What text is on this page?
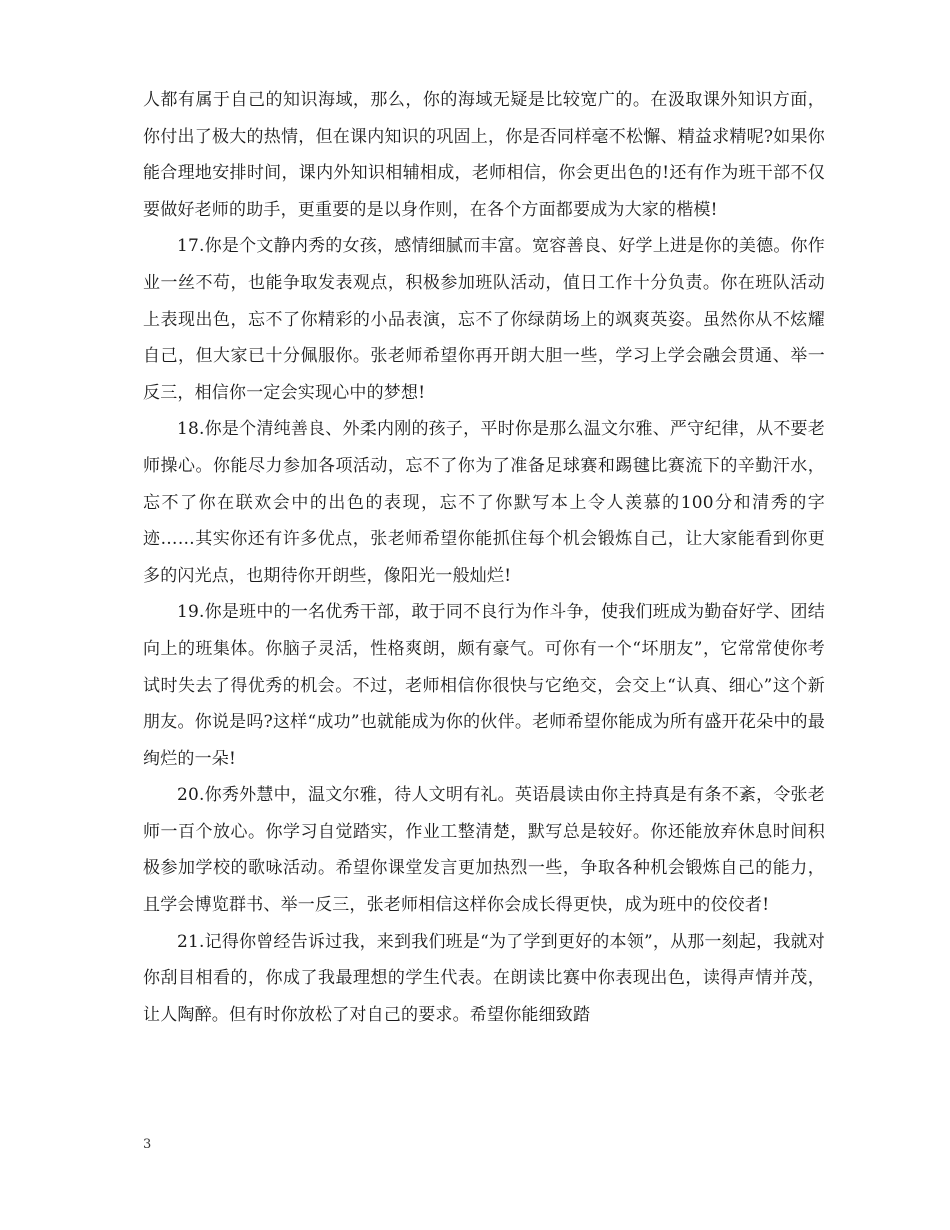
人都有属于自己的知识海域，那么，你的海域无疑是比较宽广的。在汲取课外知识方面，你付出了极大的热情，但在课内知识的巩固上，你是否同样毫不松懈、精益求精呢?如果你能合理地安排时间，课内外知识相辅相成，老师相信，你会更出色的!还有作为班干部不仅要做好老师的助手，更重要的是以身作则，在各个方面都要成为大家的楷模!

17.你是个文静内秀的女孩，感情细腻而丰富。宽容善良、好学上进是你的美德。你作业一丝不苟，也能争取发表观点，积极参加班队活动，值日工作十分负责。你在班队活动上表现出色，忘不了你精彩的小品表演，忘不了你绿荫场上的飒爽英姿。虽然你从不炫耀自己，但大家已十分佩服你。张老师希望你再开朗大胆一些，学习上学会融会贯通、举一反三，相信你一定会实现心中的梦想!

18.你是个清纯善良、外柔内刚的孩子，平时你是那么温文尔雅、严守纪律，从不要老师操心。你能尽力参加各项活动，忘不了你为了准备足球赛和踢毽比赛流下的辛勤汗水，忘不了你在联欢会中的出色的表现，忘不了你默写本上令人羡慕的100分和清秀的字迹……其实你还有许多优点，张老师希望你能抓住每个机会锻炼自己，让大家能看到你更多的闪光点，也期待你开朗些，像阳光一般灿烂!

19.你是班中的一名优秀干部，敢于同不良行为作斗争，使我们班成为勤奋好学、团结向上的班集体。你脑子灵活，性格爽朗，颇有豪气。可你有一个“坏朋友”，它常常使你考试时失去了得优秀的机会。不过，老师相信你很快与它绝交，会交上“认真、细心”这个新朋友。你说是吗?这样“成功”也就能成为你的伙伴。老师希望你能成为所有盛开花朵中的最绚烂的一朵!

20.你秀外慧中，温文尔雅，待人文明有礼。英语晨读由你主持真是有条不紊，令张老师一百个放心。你学习自觉踏实，作业工整清楚，默写总是较好。你还能放弃休息时间积极参加学校的歌咏活动。希望你课堂发言更加热烈一些，争取各种机会锻炼自己的能力，且学会博览群书、举一反三，张老师相信这样你会成长得更快，成为班中的佼佼者!

21.记得你曾经告诉过我，来到我们班是“为了学到更好的本领”，从那一刻起，我就对你刮目相看的，你成了我最理想的学生代表。在朗读比赛中你表现出色，读得声情并茂，让人陶醉。但有时你放松了对自己的要求。希望你能细致踏

3
